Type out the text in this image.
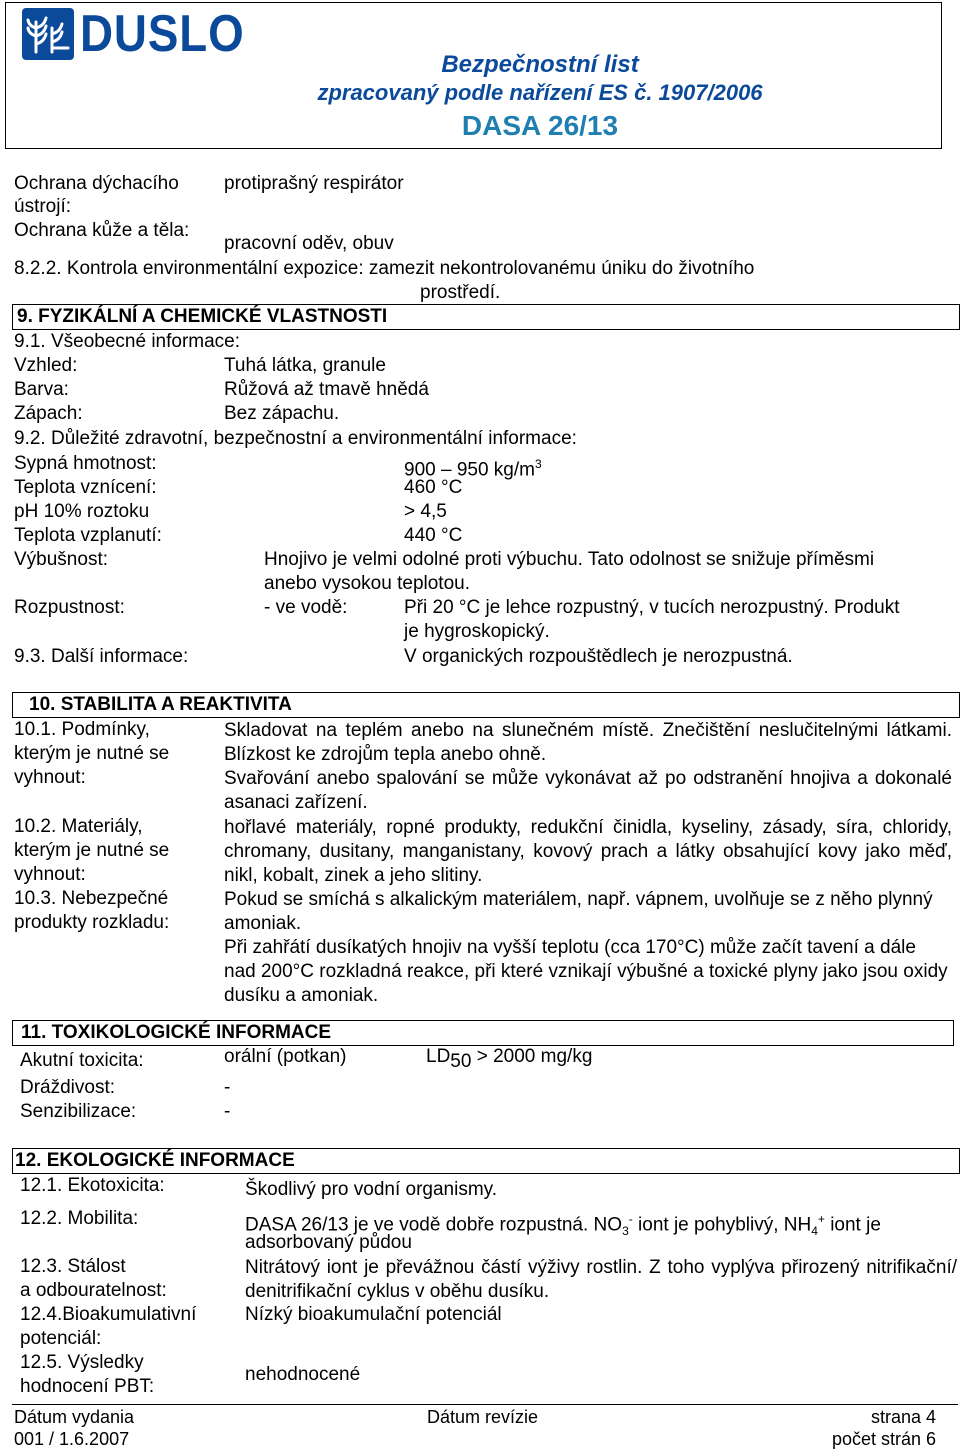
DUSLO
Bezpečnostní list
zpracovaný podle nařízení ES č. 1907/2006
DASA 26/13
Ochrana dýchacího protiprašný respirátor
ústrojí:
Ochrana kůže a těla:
pracovní oděv, obuv
8.2.2. Kontrola environmentální expozice: zamezit nekontrolovanému úniku do životního
prostředí.
9. FYZIKÁLNÍ A CHEMICKÉ VLASTNOSTI
9.1. Všeobecné informace:
Vzhled:	Tuhá látka, granule
Barva:	Růžová až tmavě hnědá
Zápach:	Bez zápachu.
9.2. Důležité zdravotní, bezpečnostní a environmentální informace:
Sypná hmotnost:	900 – 950 $kg/m^3$
Teplota vznícení:	460 °C
pH 10% roztoku	> 4,5
Teplota vzplanutí:	440 °C
Výbušnost:	Hnojivo je velmi odolné proti výbuchu. Tato odolnost se snižuje příměsmi
anebo vysokou teplotou.
Rozpustnost:	- ve vodě:	Při 20 °C je lehce rozpustný, v tucích nerozpustný. Produkt
je hygroskopický.
9.3. Další informace:	V organických rozpouštědlech je nerozpustná.
10. STABILITA A REAKTIVITA
10.1. Podmínky,
kterým je nutné se
vyhnout:
Skladovat na teplém anebo na slunečném místě. Znečištění neslučitelnými látkami. Blízkost ke zdrojům tepla anebo ohně.
Svařování anebo spalování se může vykonávat až po odstranění hnojiva a dokonalé asanaci zařízení.
10.2. Materiály,
kterým je nutné se
vyhnout:
hořlavé materiály, ropné produkty, redukční činidla, kyseliny, zásady, síra, chloridy, chromany, dusitany, manganistany, kovový prach a látky obsahující kovy jako měď, nikl, kobalt, zinek a jeho slitiny.
10.3. Nebezpečné
produkty rozkladu:
Pokud se smíchá s alkalickým materiálem, např. vápnem, uvolňuje se z něho plynný amoniak.
Při zahřátí dusíkatých hnojiv na vyšší teplotu (cca 170°C) může začít tavení a dále nad 200°C rozkladná reakce, při které vznikají výbušné a toxické plyny jako jsou oxidy dusíku a amoniak.
11. TOXIKOLOGICKÉ INFORMACE
Akutní toxicita:	orální (potkan)	$LD_{50} > 2000$ mg/kg
Dráždivost:	-
Senzibilizace:	-
12. EKOLOGICKÉ INFORMACE
12.1. Ekotoxicita:	Škodlivý pro vodní organismy.
12.2. Mobilita:	DASA 26/13 je ve vodě dobře rozpustná. $NO_3^-$ iont je pohyblivý, $NH_4^+$ iont je
adsorbovaný půdou
12.3. Stálost
a odbouratelnost:
Nitrátový iont je převážnou částí výživy rostlin. Z toho vyplýva přirozený nitrifikační/ denitrifikační cyklus v oběhu dusíku.
12.4.Bioakumulativní
potenciál:
Nízký bioakumulační potenciál
12.5. Výsledky
hodnocení PBT:
nehodnocené
Dátum vydania
001 / 1.6.2007
Dátum revízie	strana 4
počet strán 6
